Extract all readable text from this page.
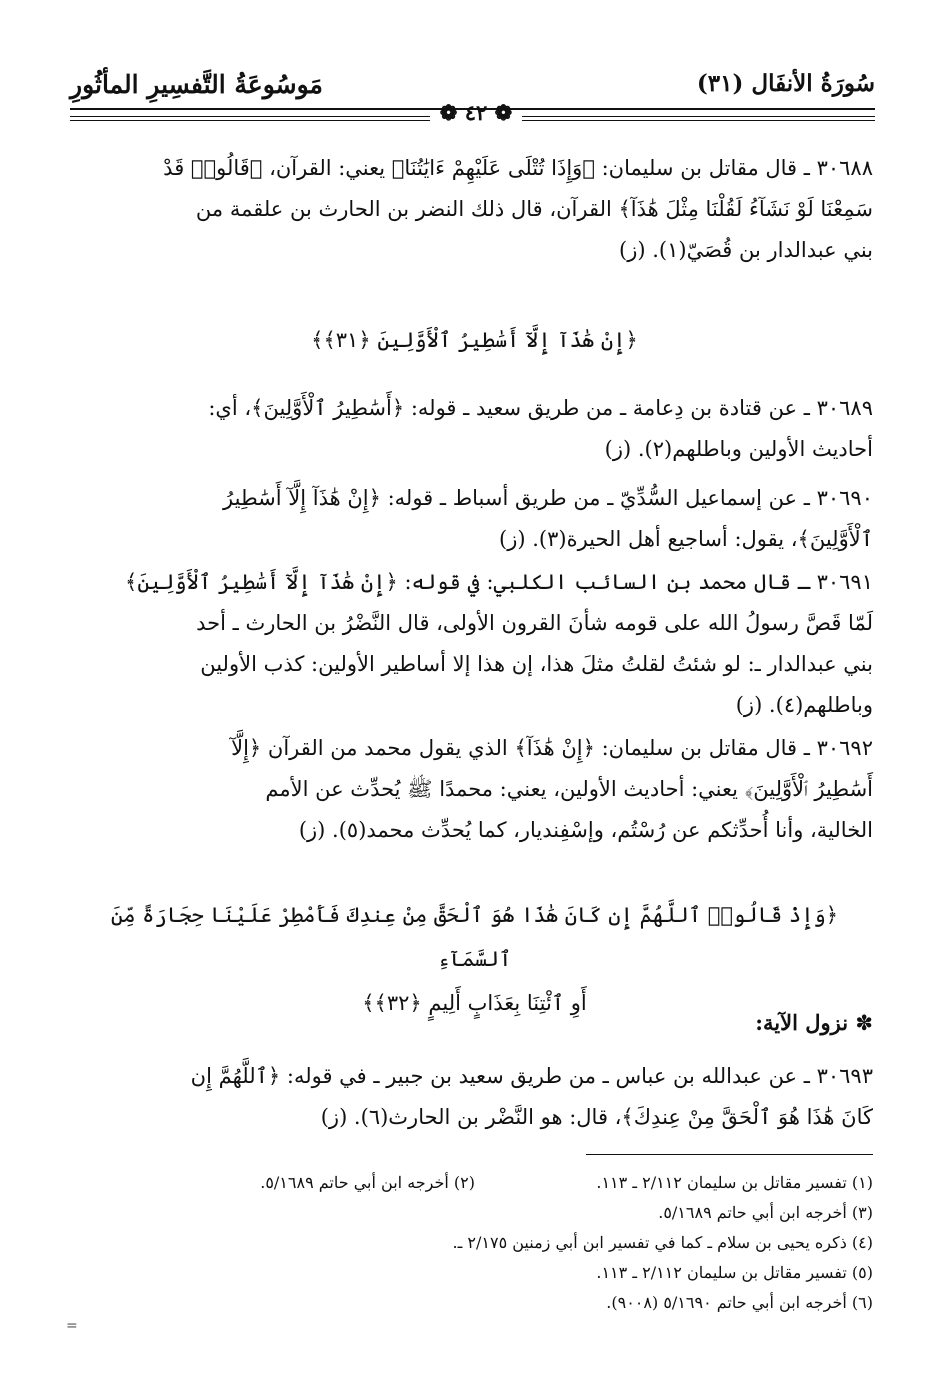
سُورَةُ الأنفَال (٣١)
مَوسُوعَةُ التَّفسِيرِ المأثُورِ
❁ ٤٢ ❁
٣٠٦٨٨ ـ قال مقاتل بن سليمان: ﴿وَإِذَا تُتْلَى عَلَيْهِمْ ءَايَٰتُنَا﴾ يعني: القرآن، ﴿قَالُوا۟ قَدْ
سَمِعْنَا لَوْ نَشَآءُ لَقُلْنَا مِثْلَ هَٰذَآ﴾ القرآن، قال ذلك النضر بن الحارث بن علقمة من
بني عبدالدار بن قُصَيّ(١). (ز)
﴿إِنْ هَٰذَآ إِلَّآ أَسَٰطِيرُ ٱلْأَوَّلِينَ ﴿٣١﴾﴾
٣٠٦٨٩ ـ عن قتادة بن دِعامة ـ من طريق سعيد ـ قوله: ﴿أَسَٰطِيرُ ٱلْأَوَّلِينَ﴾، أي:
أحاديث الأولين وباطلهم(٢). (ز)
٣٠٦٩٠ ـ عن إسماعيل السُّدِّيّ ـ من طريق أسباط ـ قوله: ﴿إِنْ هَٰذَآ إِلَّآ أَسَٰطِيرُ
ٱلْأَوَّلِينَ﴾، يقول: أساجيع أهل الحيرة(٣). (ز)
٣٠٦٩١ ـ قال محمد بن السائب الكلبي: في قوله: ﴿إِنْ هَٰذَآ إِلَّآ أَسَٰطِيرُ ٱلْأَوَّلِينَ﴾
لَمّا قَصَّ رسولُ الله على قومه شأنَ القرون الأولى، قال النَّضْرُ بن الحارث ـ أحد
بني عبدالدار ـ: لو شئتُ لقلتُ مثلَ هذا، إن هذا إلا أساطير الأولين: كذب الأولين
وباطلهم(٤). (ز)
٣٠٦٩٢ ـ قال مقاتل بن سليمان: ﴿إِنْ هَٰذَآ﴾ الذي يقول محمد من القرآن ﴿إِلَّآ
أَسَٰطِيرُ ٱلْأَوَّلِينَ﴾ يعني: أحاديث الأولين، يعني: محمدًا ﷺ يُحدِّث عن الأمم
الخالية، وأنا أُحدِّثكم عن رُسْتُم، وإسْفِنديار، كما يُحدِّث محمد(٥). (ز)
﴿وَإِذْ قَالُوا۟ ٱللَّهُمَّ إِن كَانَ هَٰذَا هُوَ ٱلْحَقَّ مِنْ عِندِكَ فَأَمْطِرْ عَلَيْنَا حِجَارَةً مِّنَ ٱلسَّمَآءِ
أَوِ ٱئْتِنَا بِعَذَابٍ أَلِيمٍ ﴿٣٢﴾﴾
✽ نزول الآية:
٣٠٦٩٣ ـ عن عبدالله بن عباس ـ من طريق سعيد بن جبير ـ في قوله: ﴿ٱللَّهُمَّ إِن
كَانَ هَٰذَا هُوَ ٱلْحَقَّ مِنْ عِندِكَ﴾، قال: هو النَّضْر بن الحارث(٦). (ز)
(١) تفسير مقاتل بن سليمان ٢/١١٢ ـ ١١٣.
(٢) أخرجه ابن أبي حاتم ٥/١٦٨٩.
(٣) أخرجه ابن أبي حاتم ٥/١٦٨٩.
(٤) ذكره يحيى بن سلام ـ كما في تفسير ابن أبي زمنين ٢/١٧٥ ـ.
(٥) تفسير مقاتل بن سليمان ٢/١١٢ ـ ١١٣.
(٦) أخرجه ابن أبي حاتم ٥/١٦٩٠ (٩٠٠٨).
=
